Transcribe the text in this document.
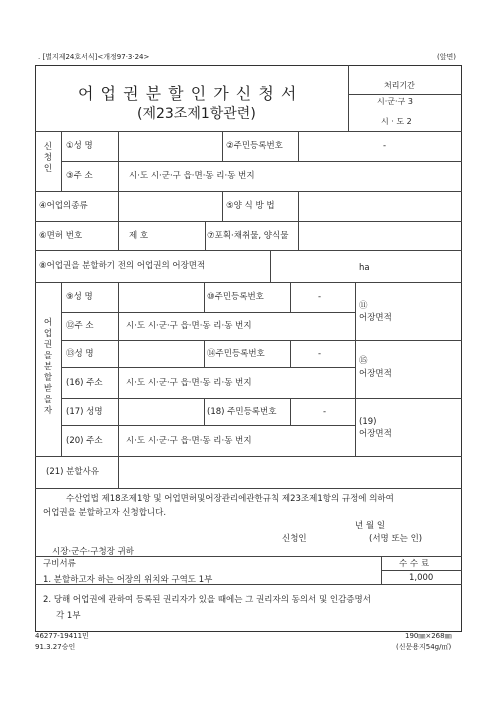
. [별지제24호서식]<개정97·3·24>	(앞면)
어 업 권 분 할 인 가 신 청 서
(제23조제1항관련)
처리기간
시·군·구 3
시 · 도 2
신
청
인
①성 명	②주민등록번호	-
③주 소	시·도 시·군·구 읍·면·동 리·동 번지
④어업의종류	⑤양 식 방 법
⑥면허 번호	제 호	⑦포획·채취물, 양식물
⑧어업권을 분할하기 전의 어업권의 어장면적	ha
어
업
권
을
분
할
받
을
자
⑨성 명	⑩주민등록번호	-
⑫주 소	시·도 시·군·구 읍·면·동 리·동 번지
⑪
어장면적
⑬성 명	⑭주민등록번호	-
(16) 주소	시·도 시·군·구 읍·면·동 리·동 번지
⑮
어장면적
(17) 성명	(18) 주민등록번호	-
(20) 주소	시·도 시·군·구 읍·면·동 리·동 번지
(19)
어장면적
(21) 분할사유
수산업법 제18조제1항 및 어업면허및어장관리에관한규칙 제23조제1항의 규정에 의하여
어업권을 분할하고자 신청합니다.
년 월 일
신청인	(서명 또는 인)
시장·군수·구청장 귀하
구비서류	수 수 료
1. 분할하고자 하는 어장의 위치와 구역도 1부	1,000
2. 당해 어업권에 관하여 등록된 권리자가 있을 때에는 그 권리자의 동의서 및 인감증명서
각 1부
46277-19411민
91.3.27승인
190㎜×268㎜
(신문용지54g/㎡)
